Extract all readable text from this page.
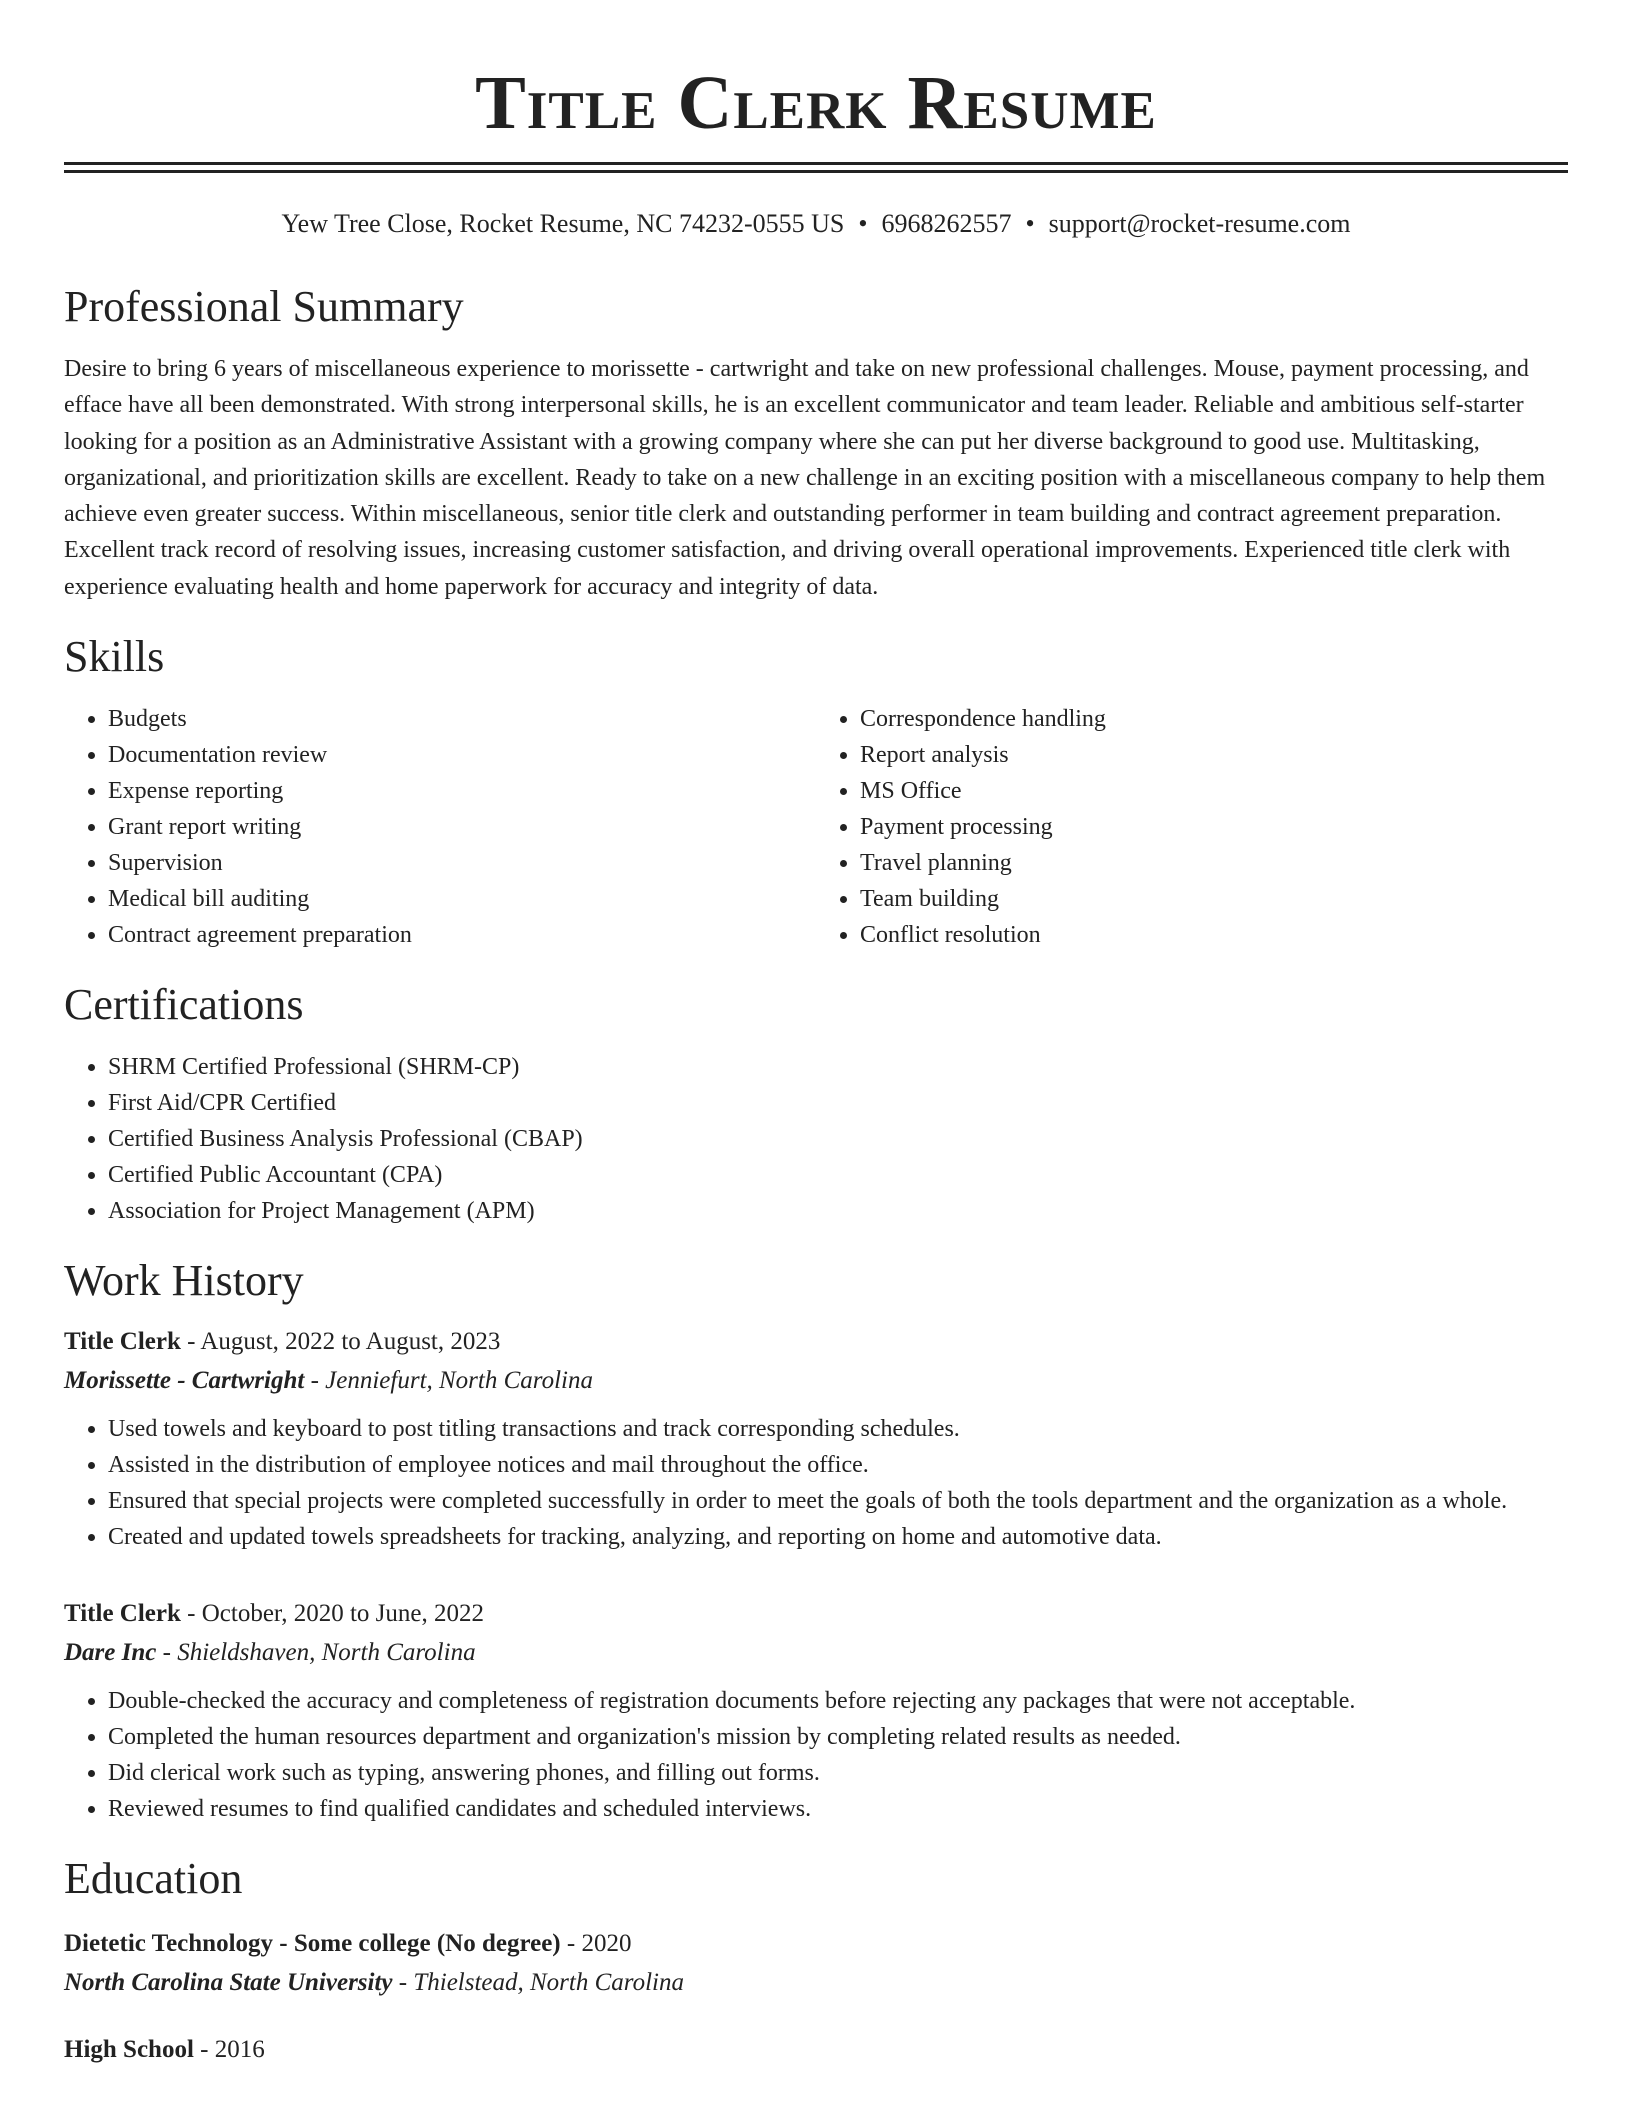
Title Clerk Resume
Yew Tree Close, Rocket Resume, NC 74232-0555 US • 6968262557 • support@rocket-resume.com
Professional Summary

Desire to bring 6 years of miscellaneous experience to morissette - cartwright and take on new professional challenges. Mouse, payment processing, and efface have all been demonstrated. With strong interpersonal skills, he is an excellent communicator and team leader. Reliable and ambitious self-starter looking for a position as an Administrative Assistant with a growing company where she can put her diverse background to good use. Multitasking, organizational, and prioritization skills are excellent. Ready to take on a new challenge in an exciting position with a miscellaneous company to help them achieve even greater success. Within miscellaneous, senior title clerk and outstanding performer in team building and contract agreement preparation. Excellent track record of resolving issues, increasing customer satisfaction, and driving overall operational improvements. Experienced title clerk with experience evaluating health and home paperwork for accuracy and integrity of data.

Skills
• Budgets
• Documentation review
• Expense reporting
• Grant report writing
• Supervision
• Medical bill auditing
• Contract agreement preparation
• Correspondence handling
• Report analysis
• MS Office
• Payment processing
• Travel planning
• Team building
• Conflict resolution
Certifications
• SHRM Certified Professional (SHRM-CP)
• First Aid/CPR Certified
• Certified Business Analysis Professional (CBAP)
• Certified Public Accountant (CPA)
• Association for Project Management (APM)
Work History
Title Clerk - August, 2022 to August, 2023
Morissette - Cartwright - Jenniefurt, North Carolina
• Used towels and keyboard to post titling transactions and track corresponding schedules.
• Assisted in the distribution of employee notices and mail throughout the office.
• Ensured that special projects were completed successfully in order to meet the goals of both the tools department and the organization as a whole.
• Created and updated towels spreadsheets for tracking, analyzing, and reporting on home and automotive data.
Title Clerk - October, 2020 to June, 2022
Dare Inc - Shieldshaven, North Carolina
• Double-checked the accuracy and completeness of registration documents before rejecting any packages that were not acceptable.
• Completed the human resources department and organization's mission by completing related results as needed.
• Did clerical work such as typing, answering phones, and filling out forms.
• Reviewed resumes to find qualified candidates and scheduled interviews.
Education
Dietetic Technology - Some college (No degree) - 2020
North Carolina State University - Thielstead, North Carolina
High School - 2016
